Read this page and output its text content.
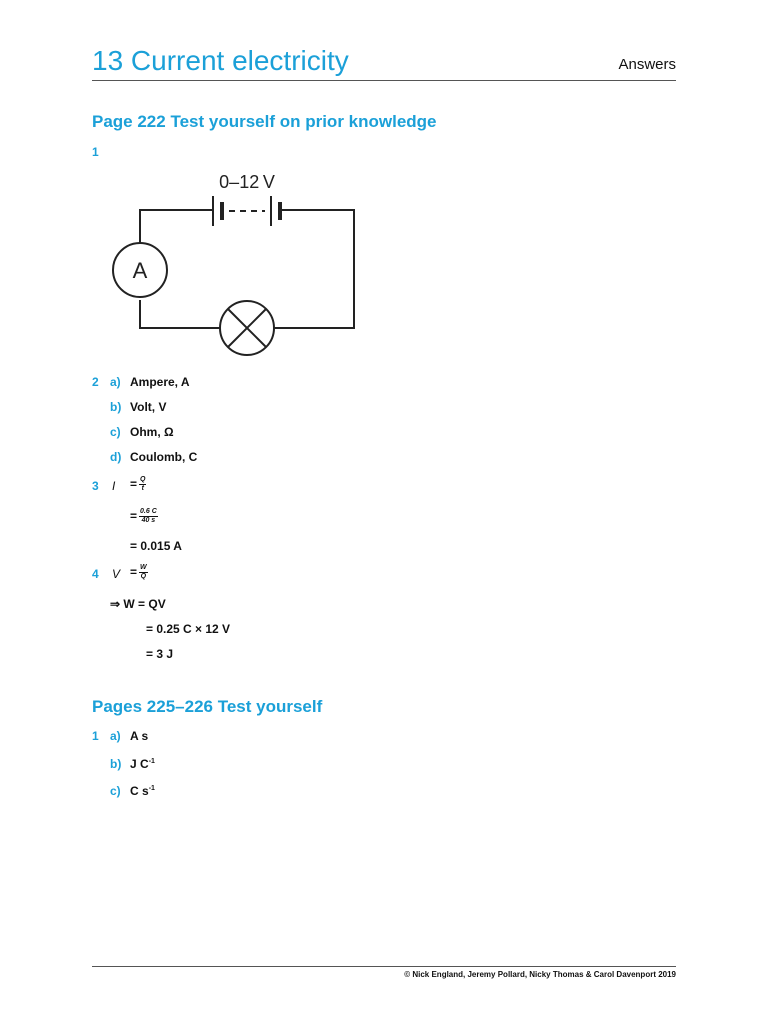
13 Current electricity	Answers
Page 222 Test yourself on prior knowledge
1
0–12 V
A
2 a) Ampere, A
b) Volt, V
c) Ohm, Ω
d) Coulomb, C
3 $I = \frac{Q}{t}$
= $\frac{0.6 C}{40 s}$
= 0.015 A
4 $V = \frac{W}{Q}$
⇒ W = QV
= 0.25 C × 12 V
= 3 J
Pages 225–226 Test yourself
1 a) A s
b) J $C^{-1}$
c) C $s^{-1}$
© Nick England, Jeremy Pollard, Nicky Thomas & Carol Davenport 2019
